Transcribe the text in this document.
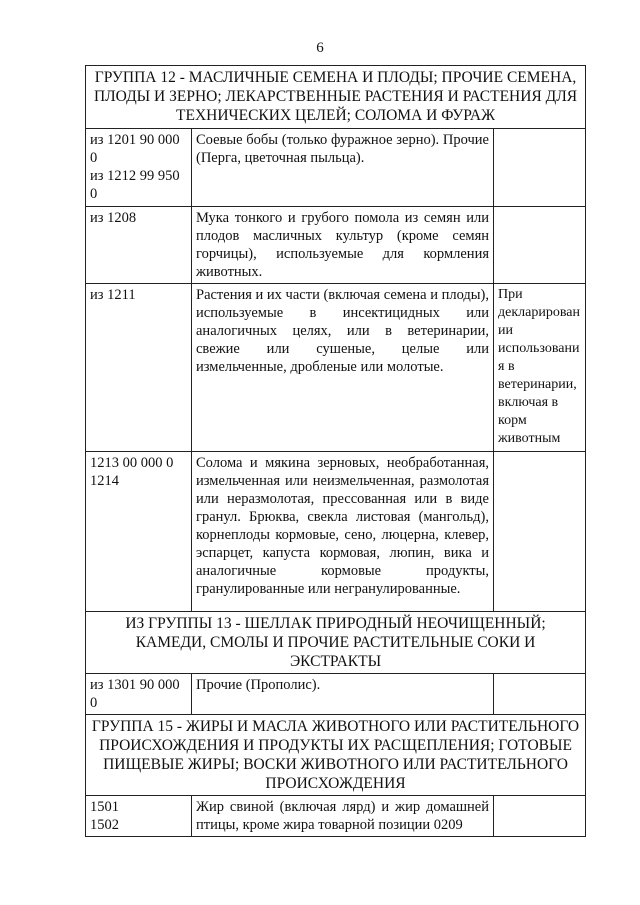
6
ГРУППА 12 - МАСЛИЧНЫЕ СЕМЕНА И ПЛОДЫ; ПРОЧИЕ СЕМЕНА, ПЛОДЫ И ЗЕРНО; ЛЕКАРСТВЕННЫЕ РАСТЕНИЯ И РАСТЕНИЯ ДЛЯ ТЕХНИЧЕСКИХ ЦЕЛЕЙ; СОЛОМА И ФУРАЖ		

из 1201 90 000 0
из 1212 99 950 0	Соевые бобы (только фуражное зерно). Прочие (Перга, цветочная пыльца).	

из 1208	Мука тонкого и грубого помола из семян или плодов масличных культур (кроме семян горчицы), используемые для кормления животных.	

из 1211	Растения и их части (включая семена и плоды), используемые в инсектицидных или аналогичных целях, или в ветеринарии, свежие или сушеные, целые или измельченные, дробленые или молотые.	При декларировании использования в ветеринарии, включая в корм животным

1213 00 000 0
1214	Солома и мякина зерновых, необработанная, измельченная или неизмельченная, размолотая или неразмолотая, прессованная или в виде гранул. Брюква, свекла листовая (мангольд), корнеплоды кормовые, сено, люцерна, клевер, эспарцет, капуста кормовая, люпин, вика и аналогичные кормовые продукты, гранулированные или негранулированные.	
ИЗ ГРУППЫ 13 - ШЕЛЛАК ПРИРОДНЫЙ НЕОЧИЩЕННЫЙ; КАМЕДИ, СМОЛЫ И ПРОЧИЕ РАСТИТЕЛЬНЫЕ СОКИ И ЭКСТРАКТЫ		

из 1301 90 000 0	Прочие (Прополис).	
ГРУППА 15 - ЖИРЫ И МАСЛА ЖИВОТНОГО ИЛИ РАСТИТЕЛЬНОГО ПРОИСХОЖДЕНИЯ И ПРОДУКТЫ ИХ РАСЩЕПЛЕНИЯ; ГОТОВЫЕ ПИЩЕВЫЕ ЖИРЫ; ВОСКИ ЖИВОТНОГО ИЛИ РАСТИТЕЛЬНОГО ПРОИСХОЖДЕНИЯ		

1501
1502	Жир свиной (включая лярд) и жир домашней птицы, кроме жира товарной позиции 0209	
